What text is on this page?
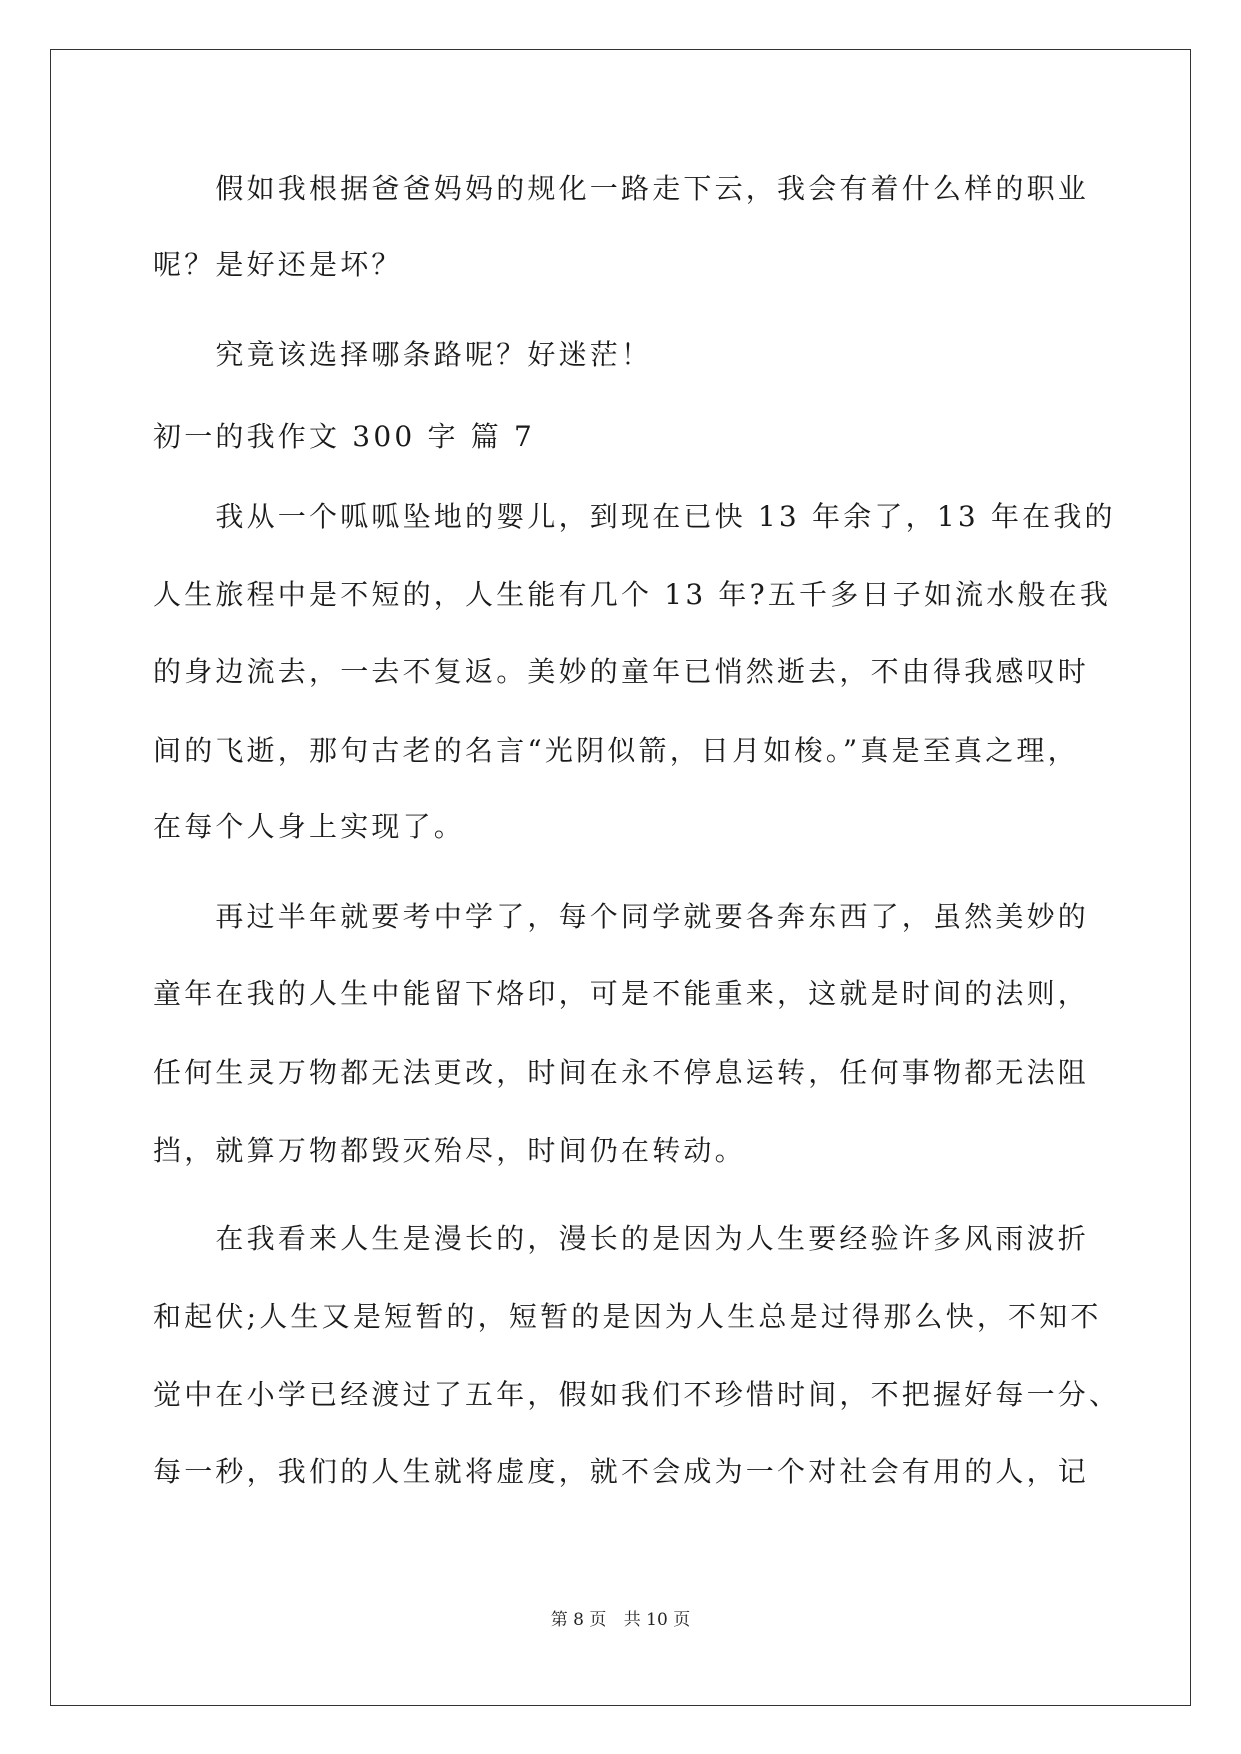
　　假如我根据爸爸妈妈的规化一路走下云，我会有着什么样的职业
呢？是好还是坏？
　　究竟该选择哪条路呢？好迷茫！
初一的我作文 300 字 篇 7
　　我从一个呱呱坠地的婴儿，到现在已快 13 年余了，13 年在我的
人生旅程中是不短的，人生能有几个 13 年?五千多日子如流水般在我
的身边流去，一去不复返。美妙的童年已悄然逝去，不由得我感叹时
间的飞逝，那句古老的名言“光阴似箭，日月如梭。”真是至真之理，
在每个人身上实现了。
　　再过半年就要考中学了，每个同学就要各奔东西了，虽然美妙的
童年在我的人生中能留下烙印，可是不能重来，这就是时间的法则，
任何生灵万物都无法更改，时间在永不停息运转，任何事物都无法阻
挡，就算万物都毁灭殆尽，时间仍在转动。
　　在我看来人生是漫长的，漫长的是因为人生要经验许多风雨波折
和起伏;人生又是短暂的，短暂的是因为人生总是过得那么快，不知不
觉中在小学已经渡过了五年，假如我们不珍惜时间，不把握好每一分、
每一秒，我们的人生就将虚度，就不会成为一个对社会有用的人，记
第 8 页 共 10 页
